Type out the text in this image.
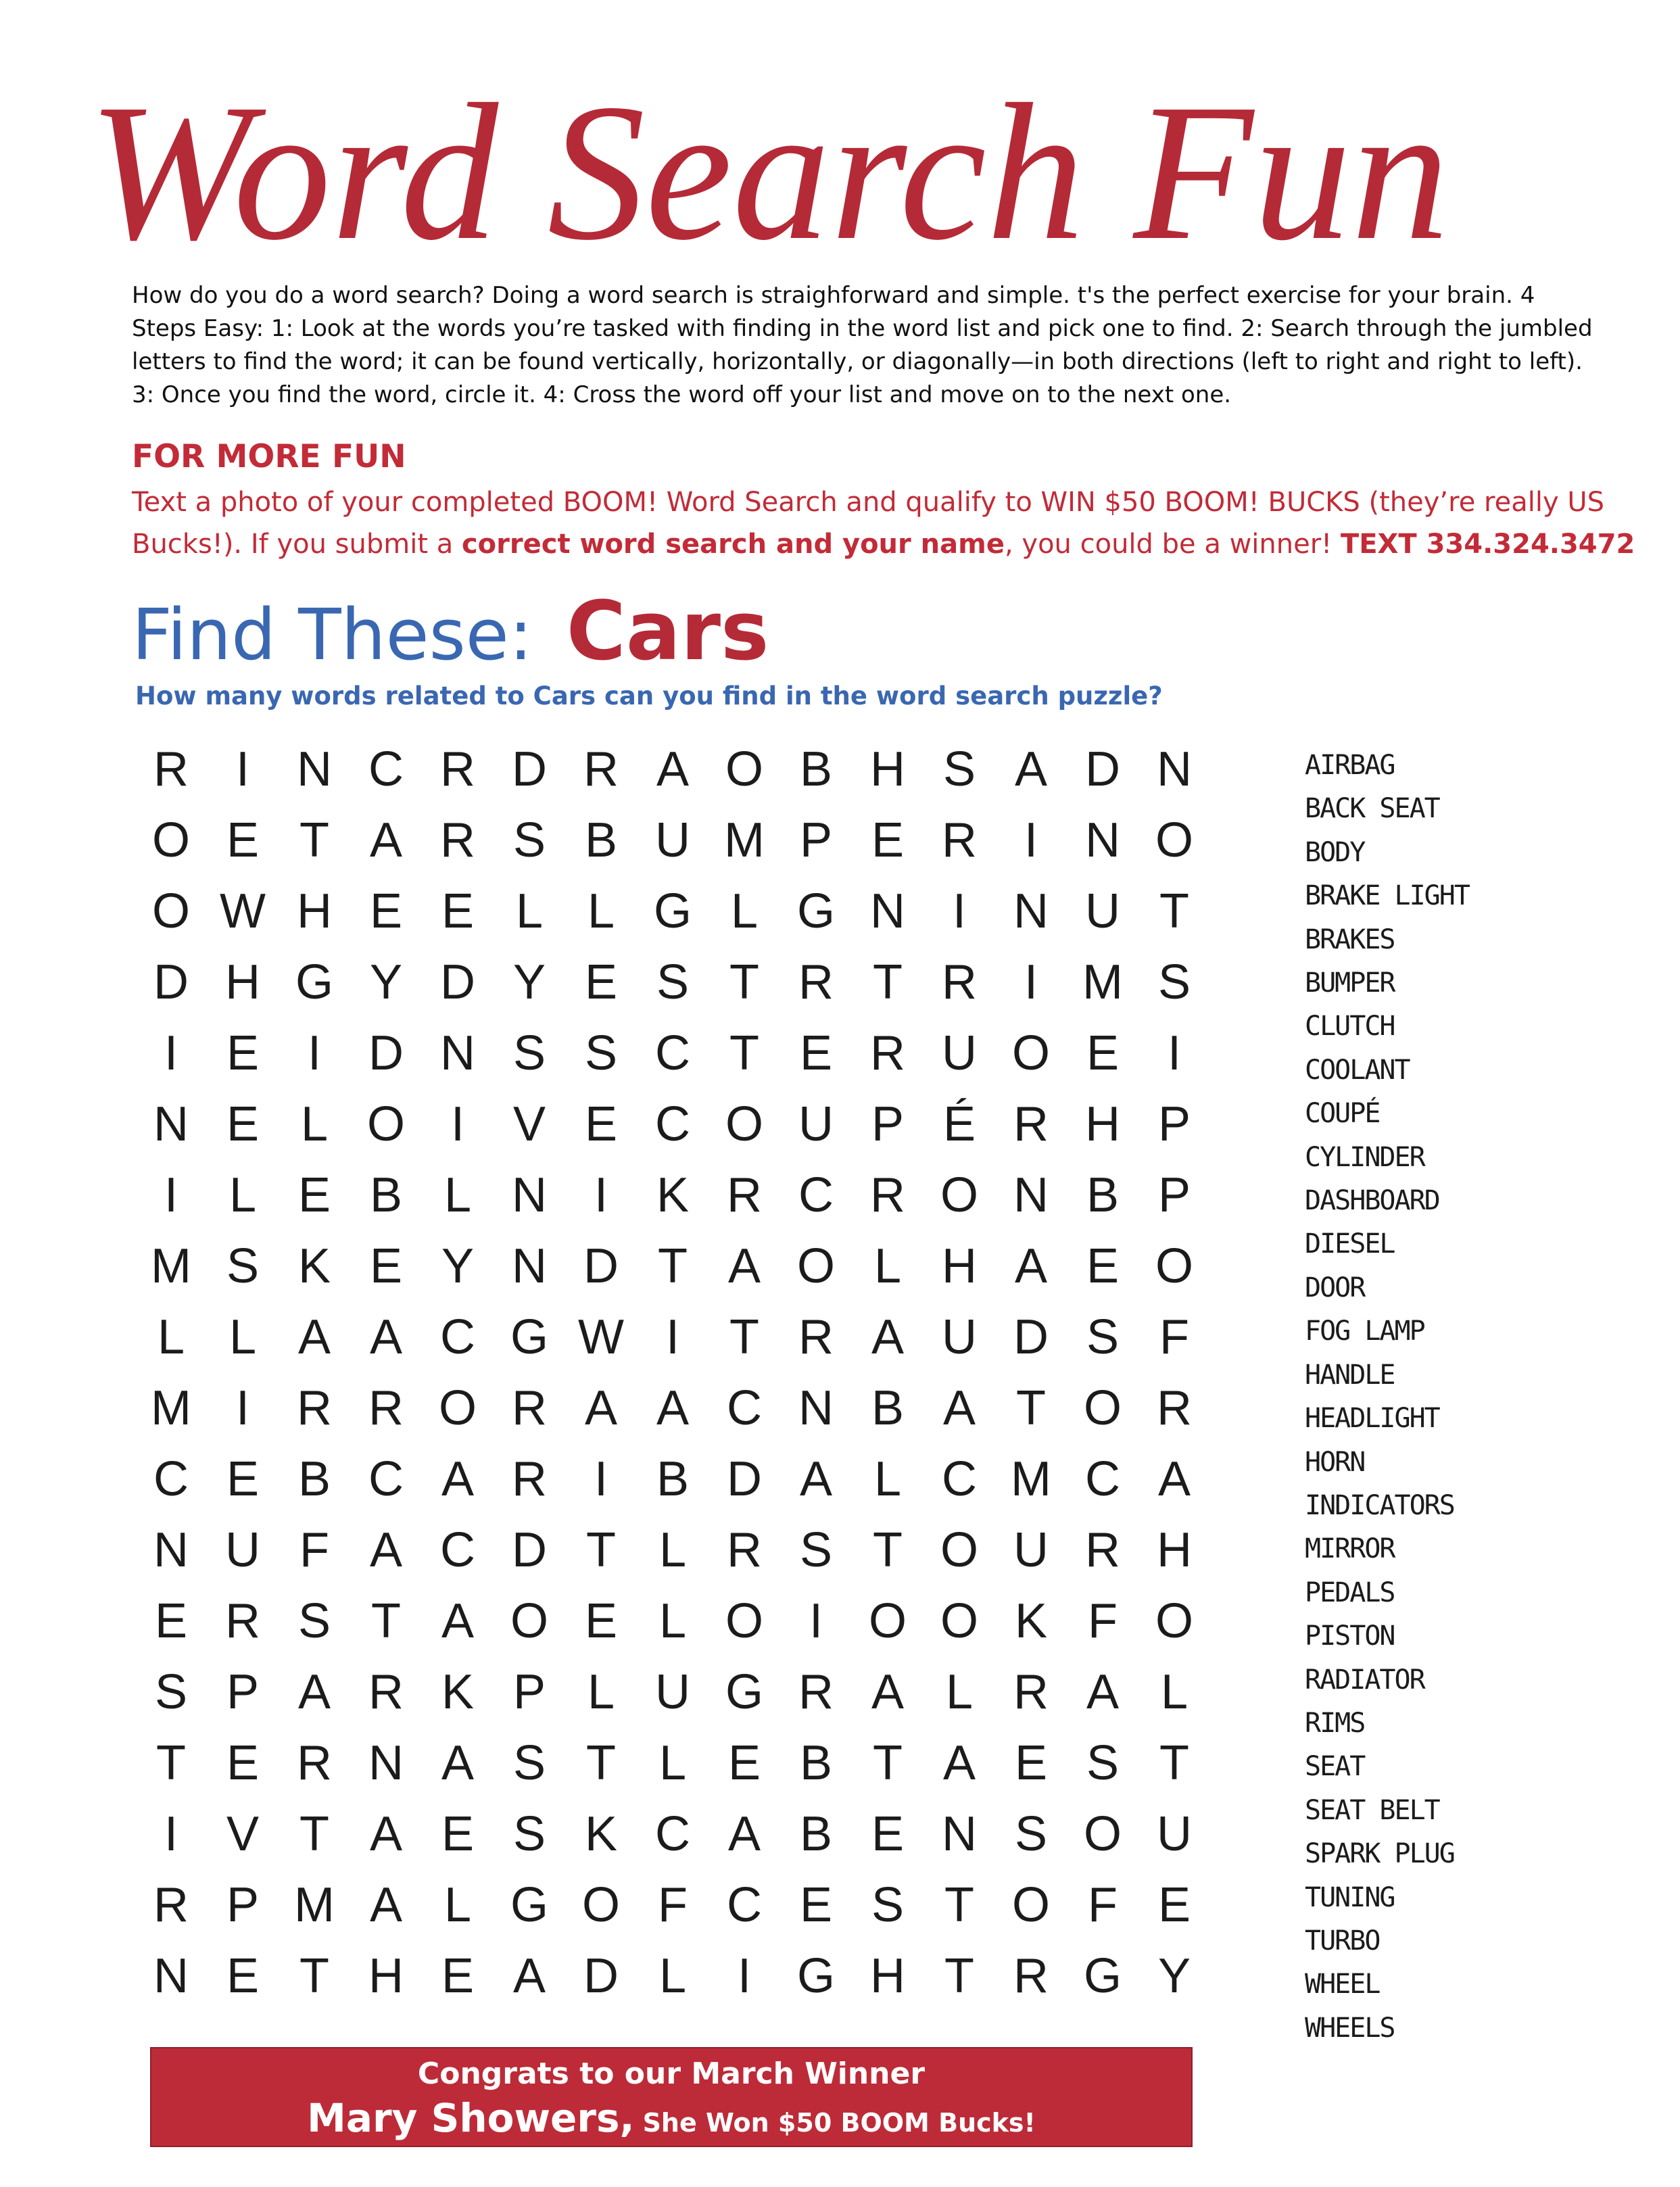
Word Search Fun

How do you do a word search? Doing a word search is straighforward and simple. t's the perfect exercise for your brain. 4 Steps Easy: 1: Look at the words you’re tasked with finding in the word list and pick one to find. 2: Search through the jumbled letters to find the word; it can be found vertically, horizontally, or diagonally—in both directions (left to right and right to left). 3: Once you find the word, circle it. 4: Cross the word off your list and move on to the next one.

FOR MORE FUN

Text a photo of your completed BOOM! Word Search and qualify to WIN $50 BOOM! BUCKS (they’re really US Bucks!). If you submit a correct word search and your name, you could be a winner! TEXT 334.324.3472

Find These: Cars

How many words related to Cars can you find in the word search puzzle?

R I N C R D R A O B H S A D N
O E T A R S B U M P E R I N O
O W H E E L L G L G N I N U T
D H G Y D Y E S T R T R I M S
I E I D N S S C T E R U O E I
N E L O I V E C O U P É R H P
I	L E B L N I K R C R O N B P
M S K E Y N D T A O L H A E O
L L A A C G W I	T R A U D S F
M I R R O R A A C N B A T O R
C E B C A R I B D A L C M C A
N U F A C D T L R S T O U R H
E R S T A O E L O I O O K F O
S P A R K P L U G R A L R A L
T E R N A S T L E B T A E S T
I V T A E S K C A B E N S O U
R P M A L G O F C E S T O F E
N E T H E A D L	I G H T R G Y
AIRBAG
BACK SEAT
BODY
BRAKE LIGHT
BRAKES
BUMPER
CLUTCH
COOLANT
COUPÉ
CYLINDER
DASHBOARD
DIESEL
DOOR
FOG LAMP
HANDLE
HEADLIGHT
HORN
INDICATORS
MIRROR
PEDALS
PISTON
RADIATOR
RIMS
SEAT
SEAT BELT
SPARK PLUG
TUNING
TURBO
WHEEL
WHEELS
Congrats to our March Winner
Mary Showers, She Won $50 BOOM Bucks!
